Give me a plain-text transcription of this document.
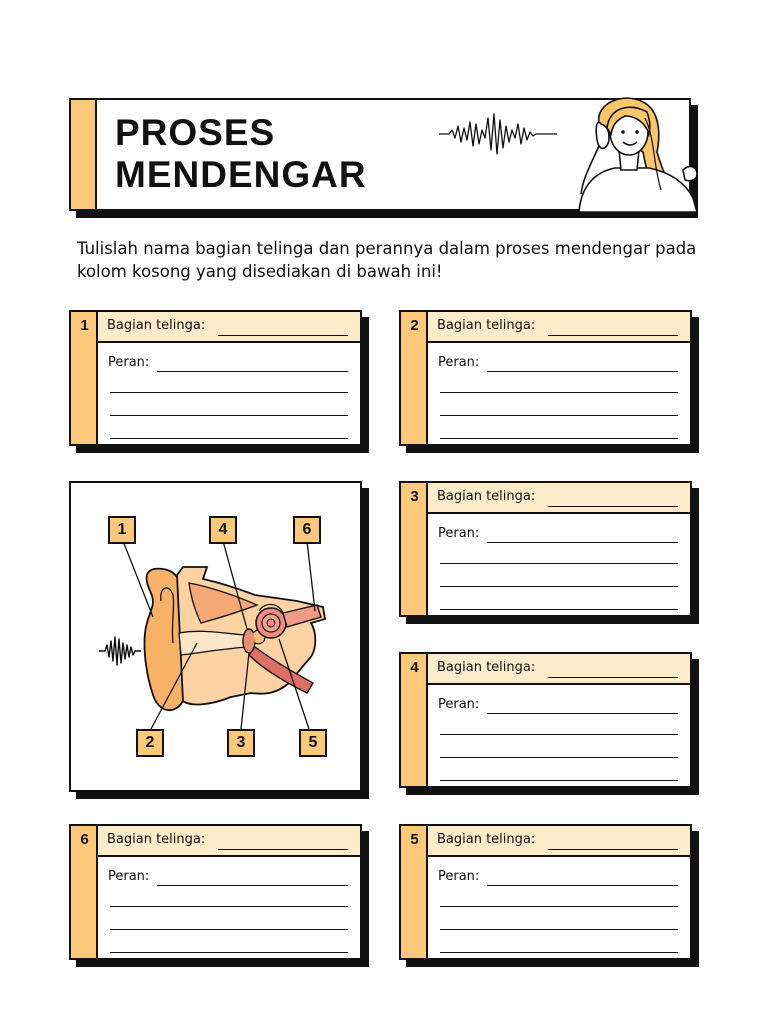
PROSES
MENDENGAR

Tulislah nama bagian telinga dan perannya dalam proses mendengar pada kolom kosong yang disediakan di bawah ini!

1	Bagian telinga:
Peran:
2	Bagian telinga:
Peran:
3	Bagian telinga:
Peran:
4	Bagian telinga:
Peran:
6	Bagian telinga:
Peran:
5	Bagian telinga:
Peran:
1	4	6
2	3	5
